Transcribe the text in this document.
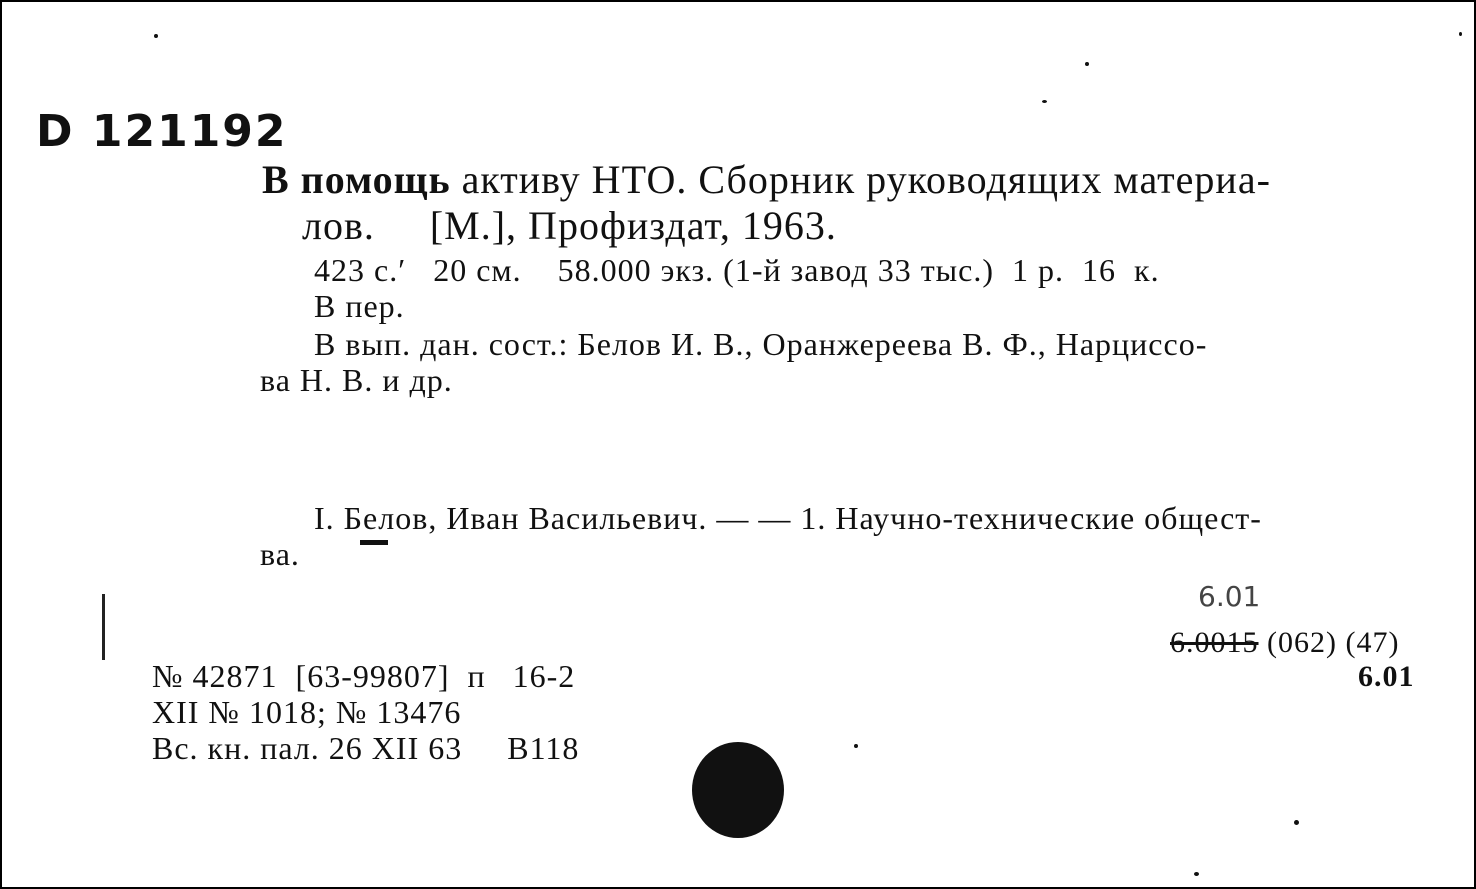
D 121192
В помощь активу НТО. Сборник руководящих материа-
лов.     [М.], Профиздат, 1963.
423 с.′   20 см.    58.000 экз. (1-й завод 33 тыс.)  1 р.  16  к.
В пер.
В вып. дан. сост.: Белов И. В., Оранжереева В. Ф., Нарциссо-
ва Н. В. и др.
I. Белов, Иван Васильевич. — — 1. Научно-технические общест-
ва.
6.01
6.0015 (062) (47)
6.01
№ 42871  [63-99807]  п   16-2
XII № 1018; № 13476
Вс. кн. пал. 26 XII 63     В118
